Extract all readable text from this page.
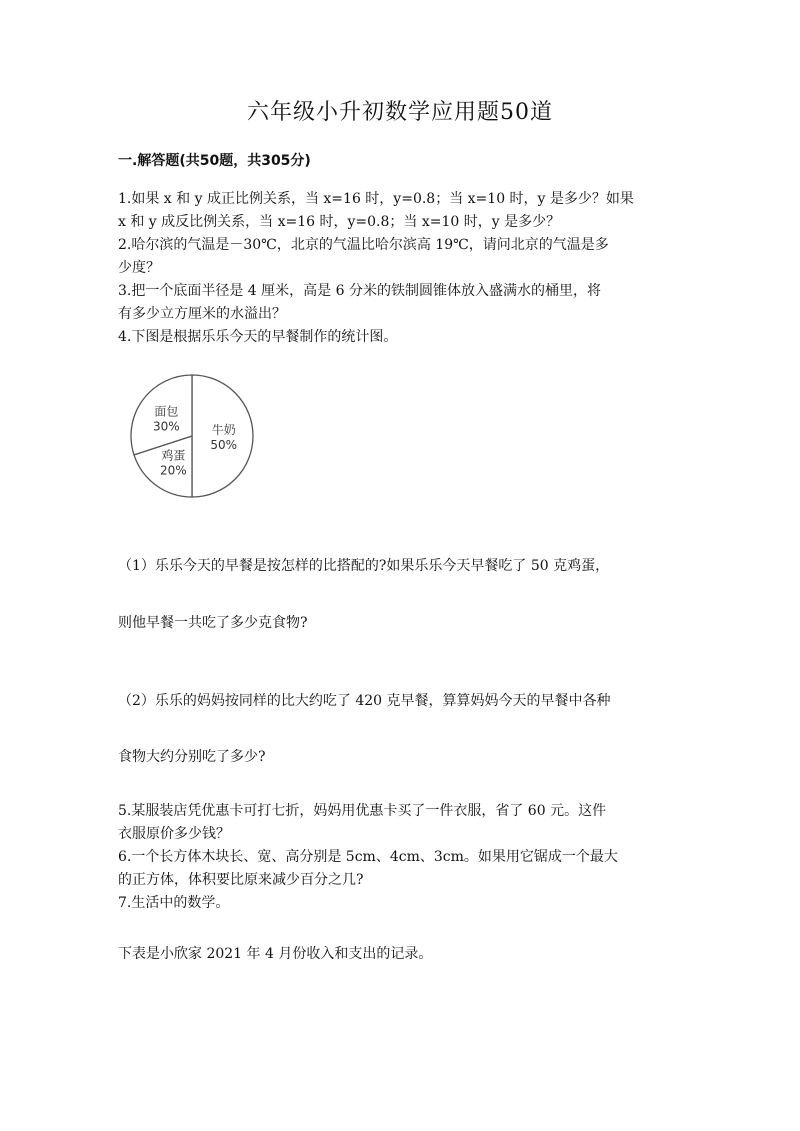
六年级小升初数学应用题50道
一.解答题(共50题，共305分)
1.如果 x 和 y 成正比例关系，当 x=16 时，y=0.8；当 x=10 时，y 是多少？如果
x 和 y 成反比例关系，当 x=16 时，y=0.8；当 x=10 时，y 是多少？
2.哈尔滨的气温是－30℃，北京的气温比哈尔滨高 19℃，请问北京的气温是多
少度？
3.把一个底面半径是 4 厘米，高是 6 分米的铁制圆锥体放入盛满水的桶里，将
有多少立方厘米的水溢出？
4.下图是根据乐乐今天的早餐制作的统计图。
牛奶
50%
鸡蛋
20%
面包
30%
（1）乐乐今天的早餐是按怎样的比搭配的?如果乐乐今天早餐吃了 50 克鸡蛋，
则他早餐一共吃了多少克食物?
（2）乐乐的妈妈按同样的比大约吃了 420 克早餐，算算妈妈今天的早餐中各种
食物大约分别吃了多少?
5.某服装店凭优惠卡可打七折，妈妈用优惠卡买了一件衣服，省了 60 元。这件
衣服原价多少钱？
6.一个长方体木块长、宽、高分别是 5cm、4cm、3cm。如果用它锯成一个最大
的正方体，体积要比原来减少百分之几?
7.生活中的数学。
下表是小欣家 2021 年 4 月份收入和支出的记录。
